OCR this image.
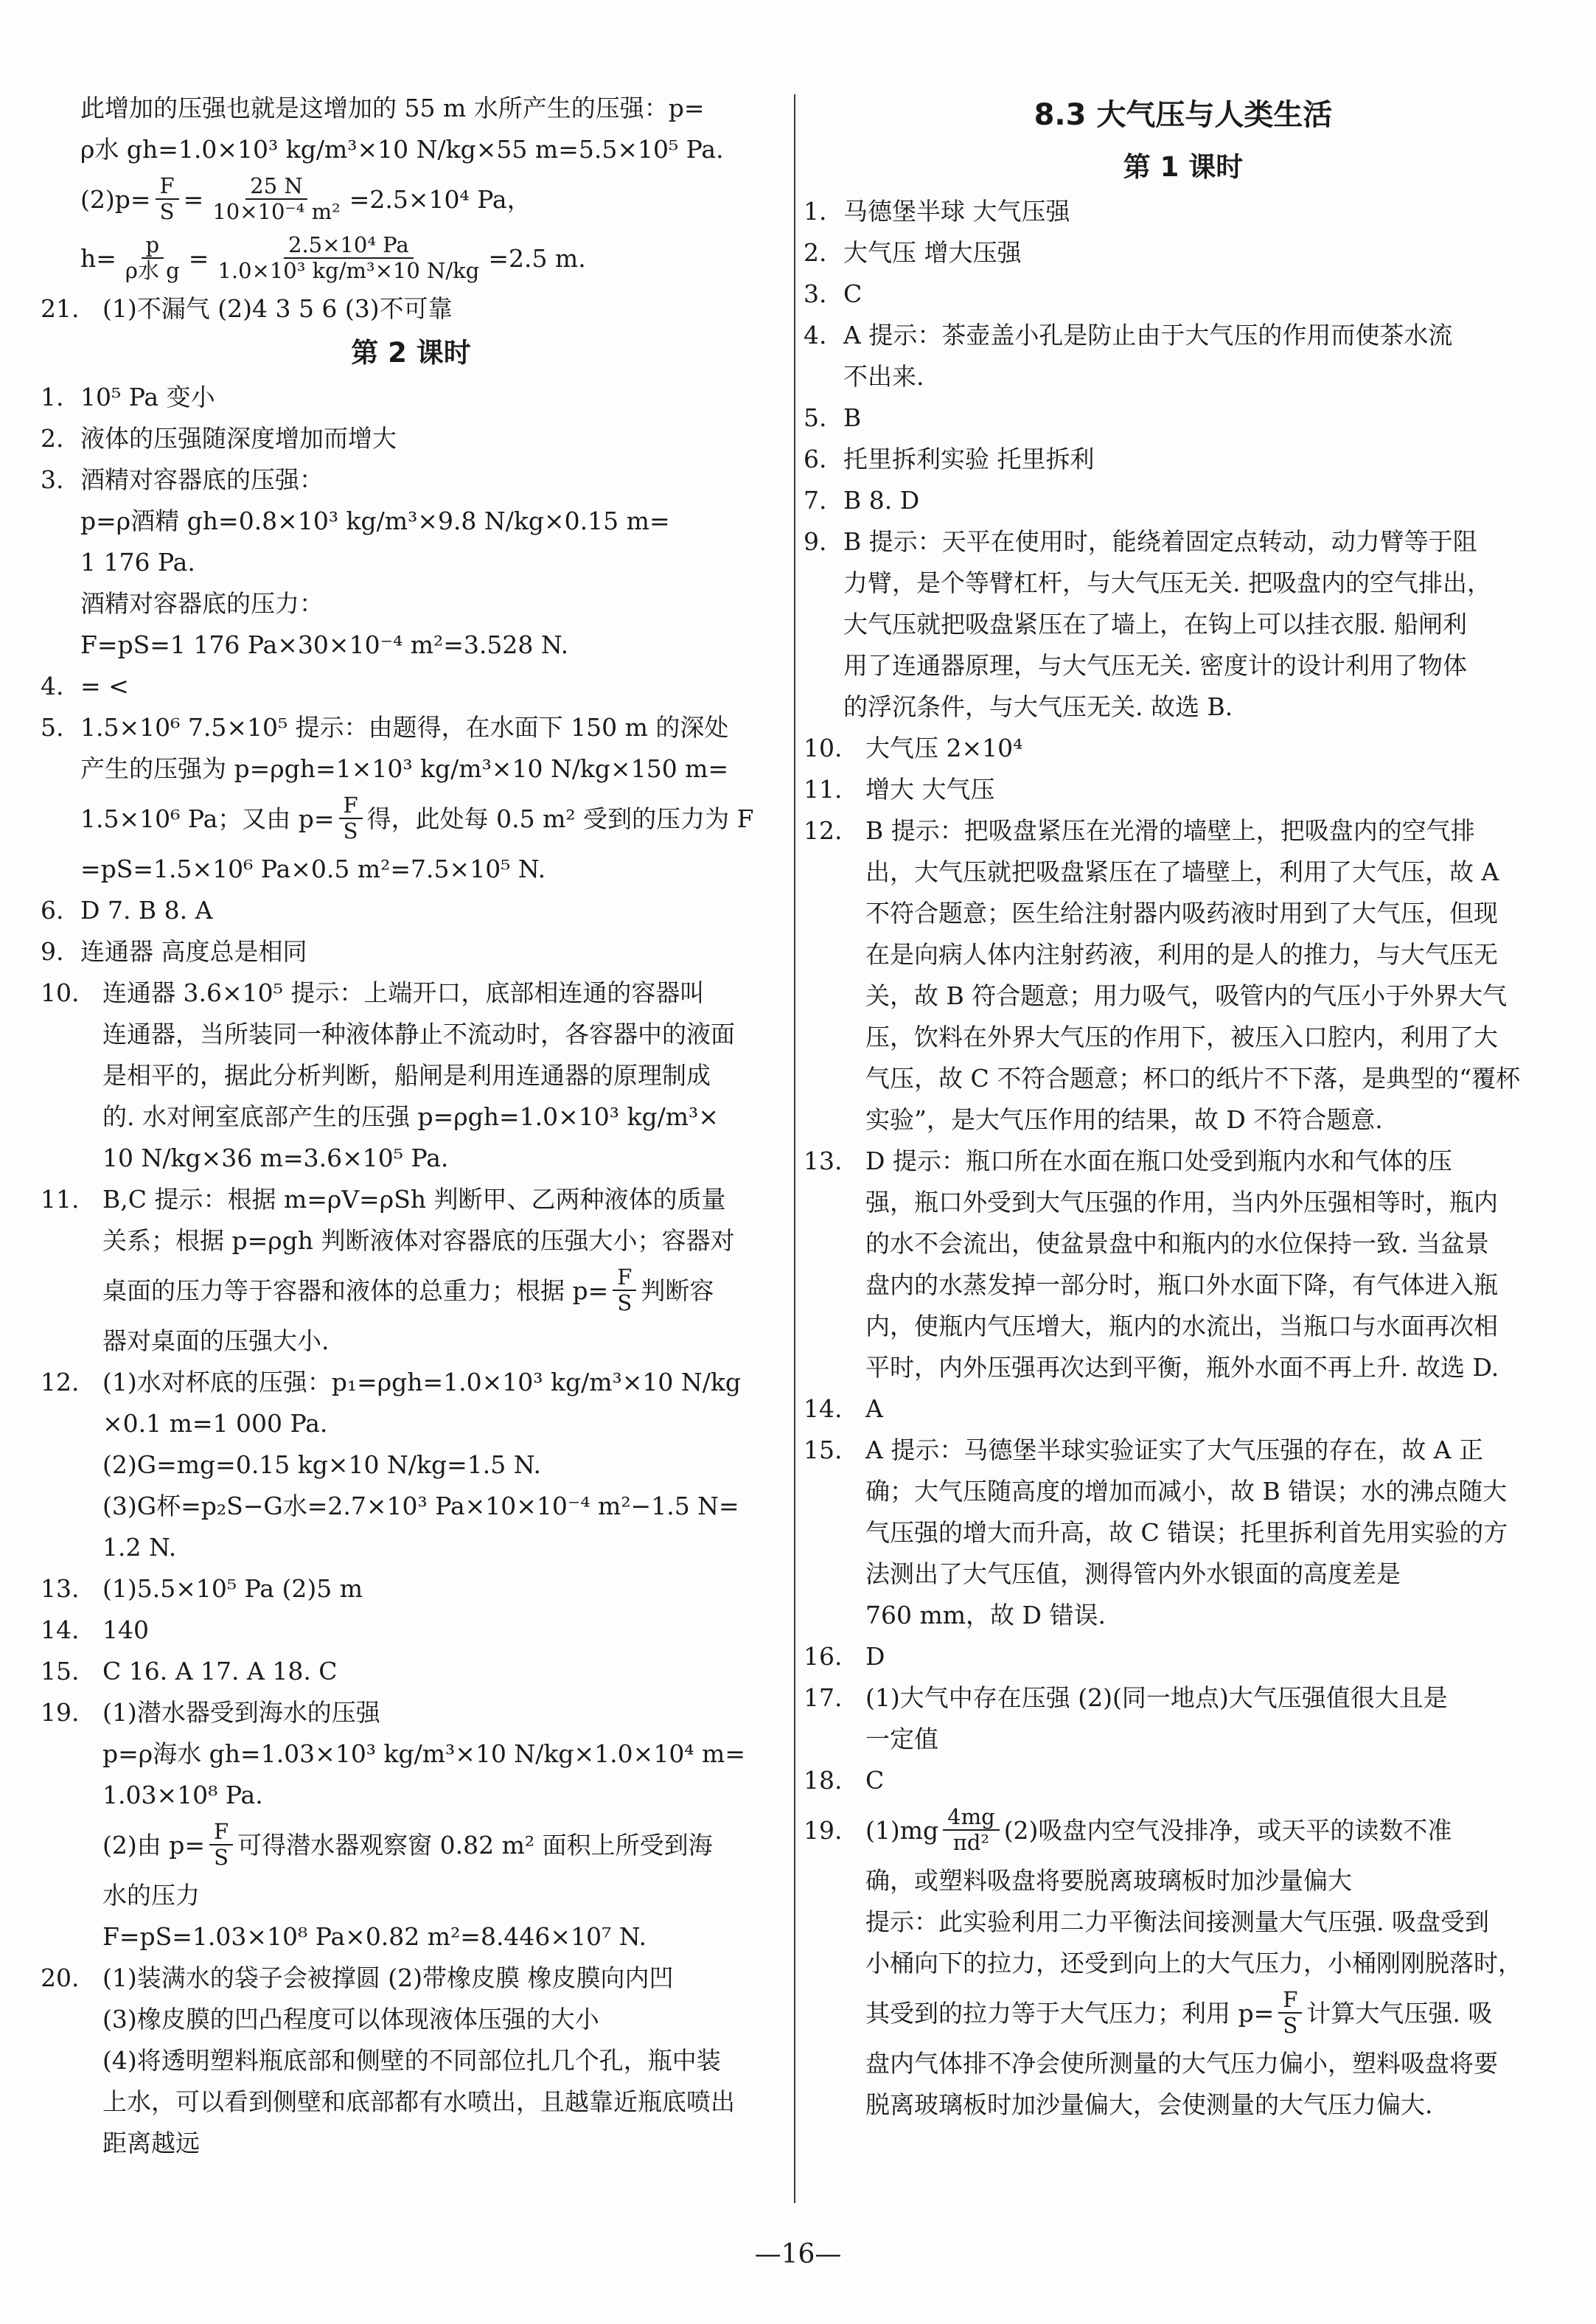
此增加的压强也就是这增加的 55 m 水所产生的压强：p=
ρ水 gh=1.0×10³ kg/m³×10 N/kg×55 m=5.5×10⁵ Pa.
$(2)p= \frac{F}{S} = \frac{25 N}{\text{10×10⁻⁴ m²}} =2.5\times 10^4$ Pa，
$h= \frac{p}{\text{ρ水 g}} = \frac{\text{2.5×10⁴ Pa}}{\text{1.0×10³ kg/m³×10 N/kg}} =2.5$ m.
21. (1)不漏气 (2)4 3 5 6 (3)不可靠
第 2 课时
1. 10⁵ Pa 变小
2. 液体的压强随深度增加而增大
3. 酒精对容器底的压强：
p=ρ酒精 gh=0.8×10³ kg/m³×9.8 N/kg×0.15 m=
1 176 Pa.
酒精对容器底的压力：
F=pS=1 176 Pa×30×10⁻⁴ m²=3.528 N.
4. = <
5. 1.5×10⁶ 7.5×10⁵ 提示：由题得，在水面下 150 m 的深处
产生的压强为 p=ρgh=1×10³ kg/m³×10 N/kg×150 m=
1.5×10⁶ Pa；又由 $p= \frac{F}{S}$ 得，此处每 0.5 m² 受到的压力为 F
=pS=1.5×10⁶ Pa×0.5 m²=7.5×10⁵ N.
6. D 7. B 8. A
9. 连通器 高度总是相同
10. 连通器 3.6×10⁵ 提示：上端开口，底部相连通的容器叫
连通器，当所装同一种液体静止不流动时，各容器中的液面
是相平的，据此分析判断，船闸是利用连通器的原理制成
的. 水对闸室底部产生的压强 p=ρgh=1.0×10³ kg/m³×
10 N/kg×36 m=3.6×10⁵ Pa.
11. B,C 提示：根据 m=ρV=ρSh 判断甲、乙两种液体的质量
关系；根据 p=ρgh 判断液体对容器底的压强大小；容器对
桌面的压力等于容器和液体的总重力；根据 $p= \frac{F}{S}$ 判断容
器对桌面的压强大小.
12. (1)水对杯底的压强：p₁=ρgh=1.0×10³ kg/m³×10 N/kg
×0.1 m=1 000 Pa.
(2)G=mg=0.15 kg×10 N/kg=1.5 N.
(3)G杯=p₂S−G水=2.7×10³ Pa×10×10⁻⁴ m²−1.5 N=
1.2 N.
13. (1)5.5×10⁵ Pa (2)5 m
14. 140
15. C 16. A 17. A 18. C
19. (1)潜水器受到海水的压强
p=ρ海水 gh=1.03×10³ kg/m³×10 N/kg×1.0×10⁴ m=
1.03×10⁸ Pa.
(2)由 $p= \frac{F}{S}$ 可得潜水器观察窗 0.82 m² 面积上所受到海
水的压力
F=pS=1.03×10⁸ Pa×0.82 m²=8.446×10⁷ N.
20. (1)装满水的袋子会被撑圆 (2)带橡皮膜 橡皮膜向内凹
(3)橡皮膜的凹凸程度可以体现液体压强的大小
(4)将透明塑料瓶底部和侧壁的不同部位扎几个孔，瓶中装
上水，可以看到侧壁和底部都有水喷出，且越靠近瓶底喷出
距离越远
8.3 大气压与人类生活
第 1 课时
1. 马德堡半球 大气压强
2. 大气压 增大压强
3. C
4. A 提示：茶壶盖小孔是防止由于大气压的作用而使茶水流
不出来.
5. B
6. 托里拆利实验 托里拆利
7. B 8. D
9. B 提示：天平在使用时，能绕着固定点转动，动力臂等于阻
力臂，是个等臂杠杆，与大气压无关. 把吸盘内的空气排出，
大气压就把吸盘紧压在了墙上，在钩上可以挂衣服. 船闸利
用了连通器原理，与大气压无关. 密度计的设计利用了物体
的浮沉条件，与大气压无关. 故选 B.
10. 大气压 2×10⁴
11. 增大 大气压
12. B 提示：把吸盘紧压在光滑的墙壁上，把吸盘内的空气排
出，大气压就把吸盘紧压在了墙壁上，利用了大气压，故 A
不符合题意；医生给注射器内吸药液时用到了大气压，但现
在是向病人体内注射药液，利用的是人的推力，与大气压无
关，故 B 符合题意；用力吸气，吸管内的气压小于外界大气
压，饮料在外界大气压的作用下，被压入口腔内，利用了大
气压，故 C 不符合题意；杯口的纸片不下落，是典型的“覆杯
实验”，是大气压作用的结果，故 D 不符合题意.
13. D 提示：瓶口所在水面在瓶口处受到瓶内水和气体的压
强，瓶口外受到大气压强的作用，当内外压强相等时，瓶内
的水不会流出，使盆景盘中和瓶内的水位保持一致. 当盆景
盘内的水蒸发掉一部分时，瓶口外水面下降，有气体进入瓶
内，使瓶内气压增大，瓶内的水流出，当瓶口与水面再次相
平时，内外压强再次达到平衡，瓶外水面不再上升. 故选 D.
14. A
15. A 提示：马德堡半球实验证实了大气压强的存在，故 A 正
确；大气压随高度的增加而减小，故 B 错误；水的沸点随大
气压强的增大而升高，故 C 错误；托里拆利首先用实验的方
法测出了大气压值，测得管内外水银面的高度差是
760 mm，故 D 错误.
16. D
17. (1)大气中存在压强 (2)(同一地点)大气压强值很大且是
一定值
18. C
19. $(1)mg \frac{4mg}{\text{πd²}} (2)$吸盘内空气没排净，或天平的读数不准
确，或塑料吸盘将要脱离玻璃板时加沙量偏大
提示：此实验利用二力平衡法间接测量大气压强. 吸盘受到
小桶向下的拉力，还受到向上的大气压力，小桶刚刚脱落时，
其受到的拉力等于大气压力；利用 $p= \frac{F}{S}$ 计算大气压强. 吸
盘内气体排不净会使所测量的大气压力偏小，塑料吸盘将要
脱离玻璃板时加沙量偏大，会使测量的大气压力偏大.
—16—
